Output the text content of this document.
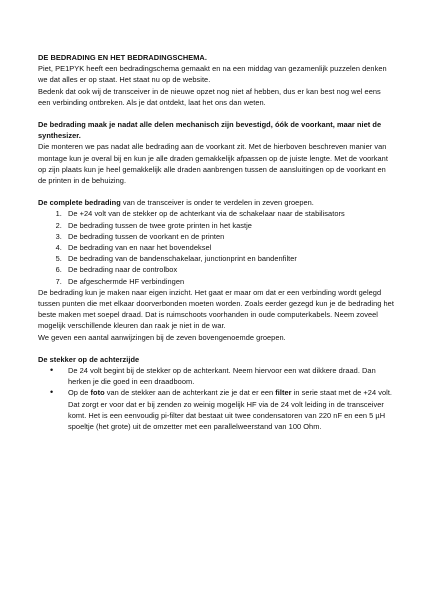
DE BEDRADING EN HET BEDRADINGSCHEMA.

Piet, PE1PYK heeft een bedradingschema gemaakt en na een middag van gezamenlijk puzzelen denken we dat alles er op staat. Het staat nu op de website.

Bedenk dat ook wij de transceiver in de nieuwe opzet nog niet af hebben, dus er kan best nog wel eens een verbinding ontbreken. Als je dat ontdekt, laat het ons dan weten.

De bedrading maak je nadat alle delen mechanisch zijn bevestigd, óók de voorkant, maar niet de synthesizer.

Die monteren we pas nadat alle bedrading aan de voorkant zit. Met de hierboven beschreven manier van montage kun je overal bij en kun je alle draden gemakkelijk afpassen op de juiste lengte. Met de voorkant op zijn plaats kun je heel gemakkelijk alle draden aanbrengen tussen de aansluitingen op de voorkant en de printen in de behuizing.

De complete bedrading van de transceiver is onder te verdelen in zeven groepen.

1. De +24 volt van de stekker op de achterkant via de schakelaar naar de stabilisators
2. De bedrading tussen de twee grote printen in het kastje
3. De bedrading tussen de voorkant en de printen
4. De bedrading van en naar het bovendeksel
5. De bedrading van de bandenschakelaar, junctionprint en bandenfilter
6. De bedrading naar de controlbox
7. De afgeschermde HF verbindingen

De bedrading kun je maken naar eigen inzicht. Het gaat er maar om dat er een verbinding wordt gelegd tussen punten die met elkaar doorverbonden moeten worden. Zoals eerder gezegd kun je de bedrading het beste maken met soepel draad. Dat is ruimschoots voorhanden in oude computerkabels. Neem zoveel mogelijk verschillende kleuren dan raak je niet in de war.

We geven een aantal aanwijzingen bij de zeven bovengenoemde groepen.

De stekker op de achterzijde

• De 24 volt begint bij de stekker op de achterkant. Neem hiervoor een wat dikkere draad. Dan herken je die goed in een draadboom.
• Op de foto van de stekker aan de achterkant zie je dat er een filter in serie staat met de +24 volt. Dat zorgt er voor dat er bij zenden zo weinig mogelijk HF via de 24 volt leiding in de transceiver komt. Het is een eenvoudig pi-filter dat bestaat uit twee condensatoren van 220 nF en een 5 µH spoeltje (het grote) uit de omzetter met een parallelweerstand van 100 Ohm.
